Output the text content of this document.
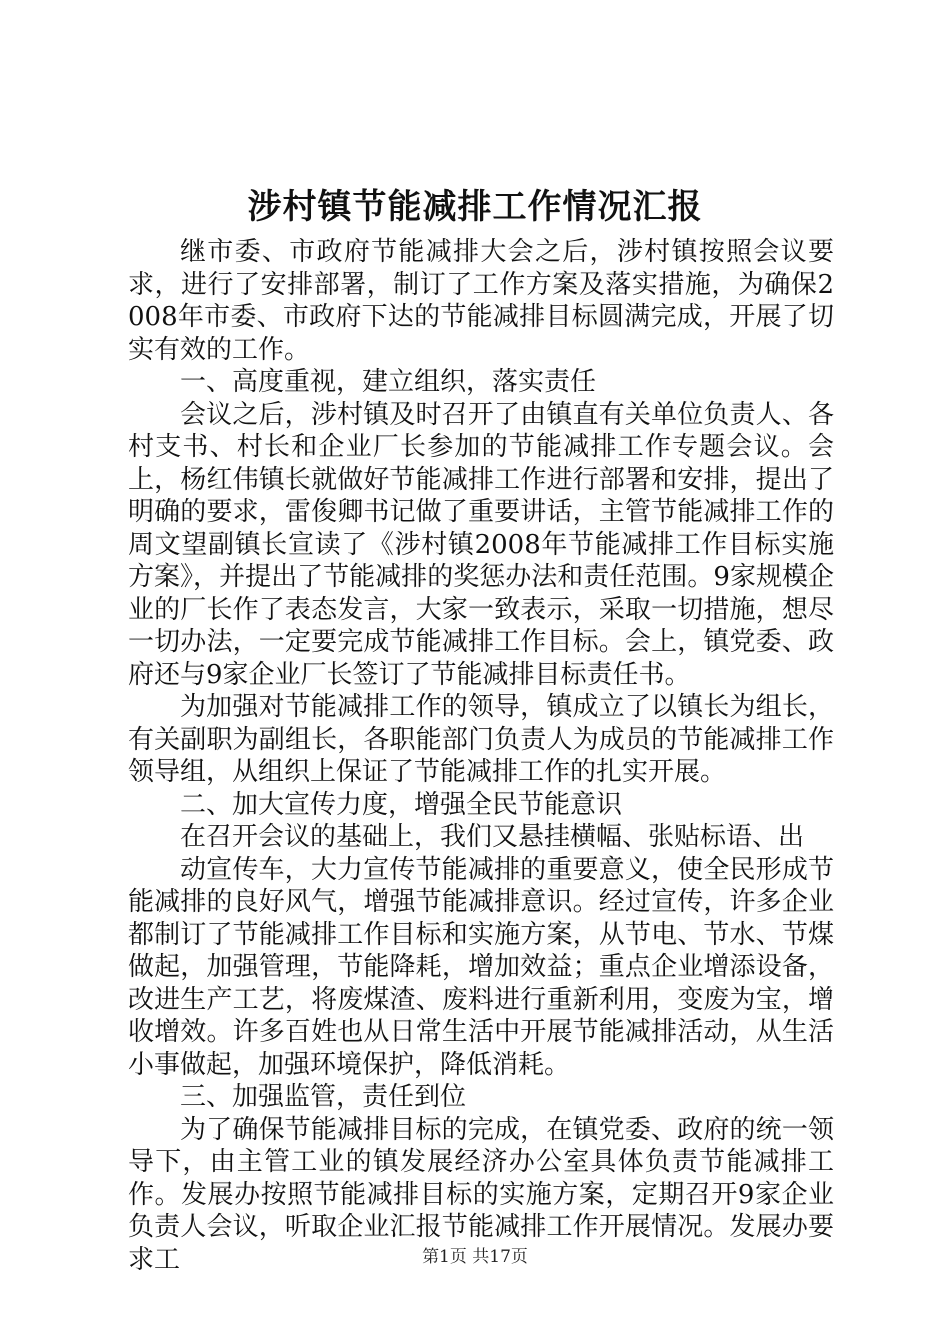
涉村镇节能减排工作情况汇报

继市委、市政府节能减排大会之后，涉村镇按照会议要求，进行了安排部署，制订了工作方案及落实措施，为确保2008年市委、市政府下达的节能减排目标圆满完成，开展了切实有效的工作。

一、高度重视，建立组织，落实责任

会议之后，涉村镇及时召开了由镇直有关单位负责人、各村支书、村长和企业厂长参加的节能减排工作专题会议。会上，杨红伟镇长就做好节能减排工作进行部署和安排，提出了明确的要求，雷俊卿书记做了重要讲话，主管节能减排工作的周文望副镇长宣读了《涉村镇2008年节能减排工作目标实施方案》，并提出了节能减排的奖惩办法和责任范围。9家规模企业的厂长作了表态发言，大家一致表示，采取一切措施，想尽一切办法，一定要完成节能减排工作目标。会上，镇党委、政府还与9家企业厂长签订了节能减排目标责任书。

为加强对节能减排工作的领导，镇成立了以镇长为组长，有关副职为副组长，各职能部门负责人为成员的节能减排工作领导组，从组织上保证了节能减排工作的扎实开展。

二、加大宣传力度，增强全民节能意识

在召开会议的基础上，我们又悬挂横幅、张贴标语、出

动宣传车，大力宣传节能减排的重要意义，使全民形成节能减排的良好风气，增强节能减排意识。经过宣传，许多企业都制订了节能减排工作目标和实施方案，从节电、节水、节煤做起，加强管理，节能降耗，增加效益；重点企业增添设备，改进生产工艺，将废煤渣、废料进行重新利用，变废为宝，增收增效。许多百姓也从日常生活中开展节能减排活动，从生活小事做起，加强环境保护，降低消耗。

三、加强监管，责任到位

为了确保节能减排目标的完成，在镇党委、政府的统一领导下，由主管工业的镇发展经济办公室具体负责节能减排工作。发展办按照节能减排目标的实施方案，定期召开9家企业负责人会议，听取企业汇报节能减排工作开展情况。发展办要求工	第1页 共17页
